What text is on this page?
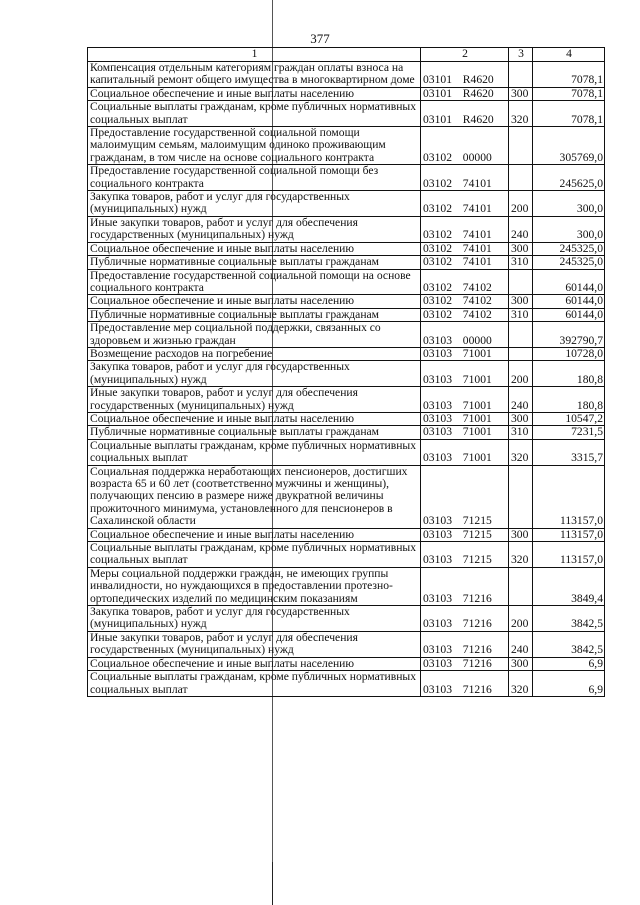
377
1	2	3	4
Компенсация отдельным категориям граждан оплаты взноса на капитальный ремонт общего имущества в многоквартирном доме	03101 R4620		7078,1
Социальное обеспечение и иные выплаты населению	03101 R4620	300	7078,1
Социальные выплаты гражданам, кроме публичных нормативных социальных выплат	03101 R4620	320	7078,1
Предоставление государственной социальной помощи малоимущим семьям, малоимущим одиноко проживающим гражданам, в том числе на основе социального контракта	03102 00000		305769,0
Предоставление государственной социальной помощи без социального контракта	03102 74101		245625,0
Закупка товаров, работ и услуг для государственных (муниципальных) нужд	03102 74101	200	300,0
Иные закупки товаров, работ и услуг для обеспечения государственных (муниципальных) нужд	03102 74101	240	300,0
Социальное обеспечение и иные выплаты населению	03102 74101	300	245325,0
Публичные нормативные социальные выплаты гражданам	03102 74101	310	245325,0
Предоставление государственной социальной помощи на основе социального контракта	03102 74102		60144,0
Социальное обеспечение и иные выплаты населению	03102 74102	300	60144,0
Публичные нормативные социальные выплаты гражданам	03102 74102	310	60144,0
Предоставление мер социальной поддержки, связанных со здоровьем и жизнью граждан	03103 00000		392790,7
Возмещение расходов на погребение	03103 71001		10728,0
Закупка товаров, работ и услуг для государственных (муниципальных) нужд	03103 71001	200	180,8
Иные закупки товаров, работ и услуг для обеспечения государственных (муниципальных) нужд	03103 71001	240	180,8
Социальное обеспечение и иные выплаты населению	03103 71001	300	10547,2
Публичные нормативные социальные выплаты гражданам	03103 71001	310	7231,5
Социальные выплаты гражданам, кроме публичных нормативных социальных выплат	03103 71001	320	3315,7
Социальная поддержка неработающих пенсионеров, достигших возраста 65 и 60 лет (соответственно мужчины и женщины), получающих пенсию в размере ниже двукратной величины прожиточного минимума, установленного для пенсионеров в Сахалинской области	03103 71215		113157,0
Социальное обеспечение и иные выплаты населению	03103 71215	300	113157,0
Социальные выплаты гражданам, кроме публичных нормативных социальных выплат	03103 71215	320	113157,0
Меры социальной поддержки граждан, не имеющих группы инвалидности, но нуждающихся в предоставлении протезно-ортопедических изделий по медицинским показаниям	03103 71216		3849,4
Закупка товаров, работ и услуг для государственных (муниципальных) нужд	03103 71216	200	3842,5
Иные закупки товаров, работ и услуг для обеспечения государственных (муниципальных) нужд	03103 71216	240	3842,5
Социальное обеспечение и иные выплаты населению	03103 71216	300	6,9
Социальные выплаты гражданам, кроме публичных нормативных социальных выплат	03103 71216	320	6,9
